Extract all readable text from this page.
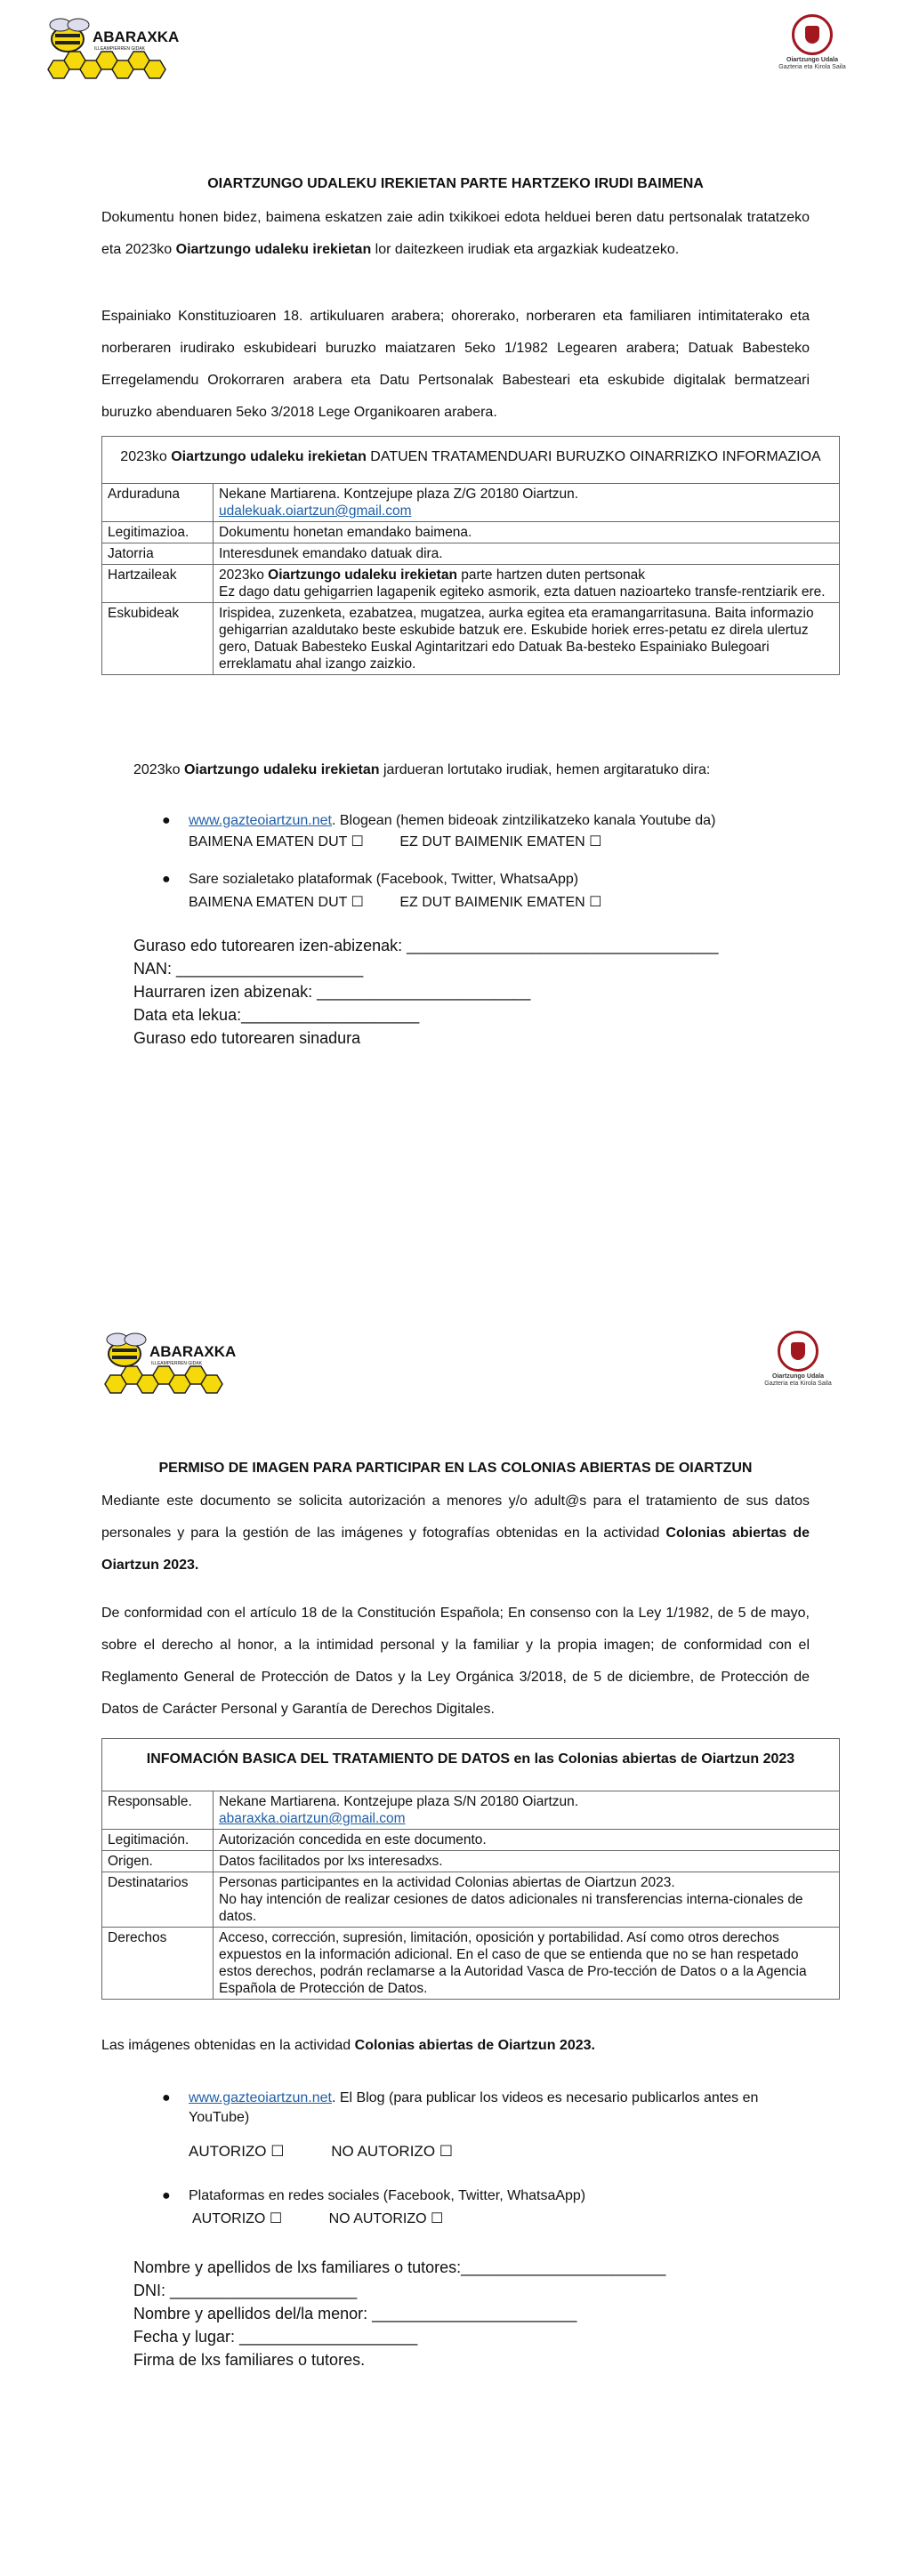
ABARAXKA
ILLEAMPIERREN GIDAK
Oiartzungo Udala
Gazteria eta Kirola Saila
OIARTZUNGO UDALEKU IREKIETAN PARTE HARTZEKO IRUDI BAIMENA
Dokumentu honen bidez, baimena eskatzen zaie adin txikikoei edota helduei beren datu pertsonalak tratatzeko eta 2023ko Oiartzungo udaleku irekietan lor daitezkeen irudiak eta argazkiak kudeatzeko.
Espainiako Konstituzioaren 18. artikuluaren arabera; ohorerako, norberaren eta familiaren intimitaterako eta norberaren irudirako eskubideari buruzko maiatzaren 5eko 1/1982 Legearen arabera; Datuak Babesteko Erregelamendu Orokorraren arabera eta Datu Pertsonalak Babesteari eta eskubide digitalak bermatzeari buruzko abenduaren 5eko 3/2018 Lege Organikoaren arabera.
2023ko Oiartzungo udaleku irekietan DATUEN TRATAMENDUARI BURUZKO OINARRIZKO INFORMAZIOA	
Arduraduna	Nekane Martiarena. Kontzejupe plaza Z/G 20180 Oiartzun.
udalekuak.oiartzun@gmail.com
Legitimazioa.	Dokumentu honetan emandako baimena.
Jatorria	Interesdunek emandako datuak dira.
Hartzaileak	2023ko Oiartzungo udaleku irekietan parte hartzen duten pertsonak
Ez dago datu gehigarrien lagapenik egiteko asmorik, ezta datuen nazioarteko transfe-rentziarik ere.
Eskubideak	Irispidea, zuzenketa, ezabatzea, mugatzea, aurka egitea eta eramangarritasuna. Baita informazio gehigarrian azaldutako beste eskubide batzuk ere. Eskubide horiek erres-petatu ez direla ulertuz gero, Datuak Babesteko Euskal Agintaritzari edo Datuak Ba-besteko Espainiako Bulegoari erreklamatu ahal izango zaizkio.
2023ko Oiartzungo udaleku irekietan jardueran lortutako irudiak, hemen argitaratuko dira:
● www.gazteoiartzun.net. Blogean (hemen bideoak zintzilikatzeko kanala Youtube da)
BAIMENA EMATEN DUT ☐	EZ DUT BAIMENIK EMATEN ☐
● Sare sozialetako plataformak (Facebook, Twitter, WhatsaApp)
BAIMENA EMATEN DUT ☐	EZ DUT BAIMENIK EMATEN ☐
Guraso edo tutorearen izen-abizenak: ___________________________________
NAN: _____________________
Haurraren izen abizenak: ________________________
Data eta lekua:____________________
Guraso edo tutorearen sinadura
ABARAXKA
ILLEAMPIERREN GIDAK
Oiartzungo Udala
Gazteria eta Kirola Saila
PERMISO DE IMAGEN PARA PARTICIPAR EN LAS COLONIAS ABIERTAS DE OIARTZUN
Mediante este documento se solicita autorización a menores y/o adult@s para el tratamiento de sus datos personales y para la gestión de las imágenes y fotografías obtenidas en la actividad Colonias abiertas de Oiartzun 2023.
De conformidad con el artículo 18 de la Constitución Española; En consenso con la Ley 1/1982, de 5 de mayo, sobre el derecho al honor, a la intimidad personal y la familiar y la propia imagen; de conformidad con el Reglamento General de Protección de Datos y la Ley Orgánica 3/2018, de 5 de diciembre, de Protección de Datos de Carácter Personal y Garantía de Derechos Digitales.
INFOMACIÓN BASICA DEL TRATAMIENTO DE DATOS en las Colonias abiertas de Oiartzun 2023	
Responsable.	Nekane Martiarena. Kontzejupe plaza S/N 20180 Oiartzun.
abaraxka.oiartzun@gmail.com
Legitimación.	Autorización concedida en este documento.
Origen.	Datos facilitados por lxs interesadxs.
Destinatarios	Personas participantes en la actividad Colonias abiertas de Oiartzun 2023.
No hay intención de realizar cesiones de datos adicionales ni transferencias interna-cionales de datos.
Derechos	Acceso, corrección, supresión, limitación, oposición y portabilidad. Así como otros derechos expuestos en la información adicional. En el caso de que se entienda que no se han respetado estos derechos, podrán reclamarse a la Autoridad Vasca de Pro-tección de Datos o a la Agencia Española de Protección de Datos.
Las imágenes obtenidas en la actividad Colonias abiertas de Oiartzun 2023.
● www.gazteoiartzun.net. El Blog (para publicar los videos es necesario publicarlos antes en YouTube)
AUTORIZO ☐	NO AUTORIZO ☐
● Plataformas en redes sociales (Facebook, Twitter, WhatsaApp)
AUTORIZO ☐	NO AUTORIZO ☐
Nombre y apellidos de lxs familiares o tutores:_______________________
DNI: _____________________
Nombre y apellidos del/la menor: _______________________
Fecha y lugar: ____________________
Firma de lxs familiares o tutores.
